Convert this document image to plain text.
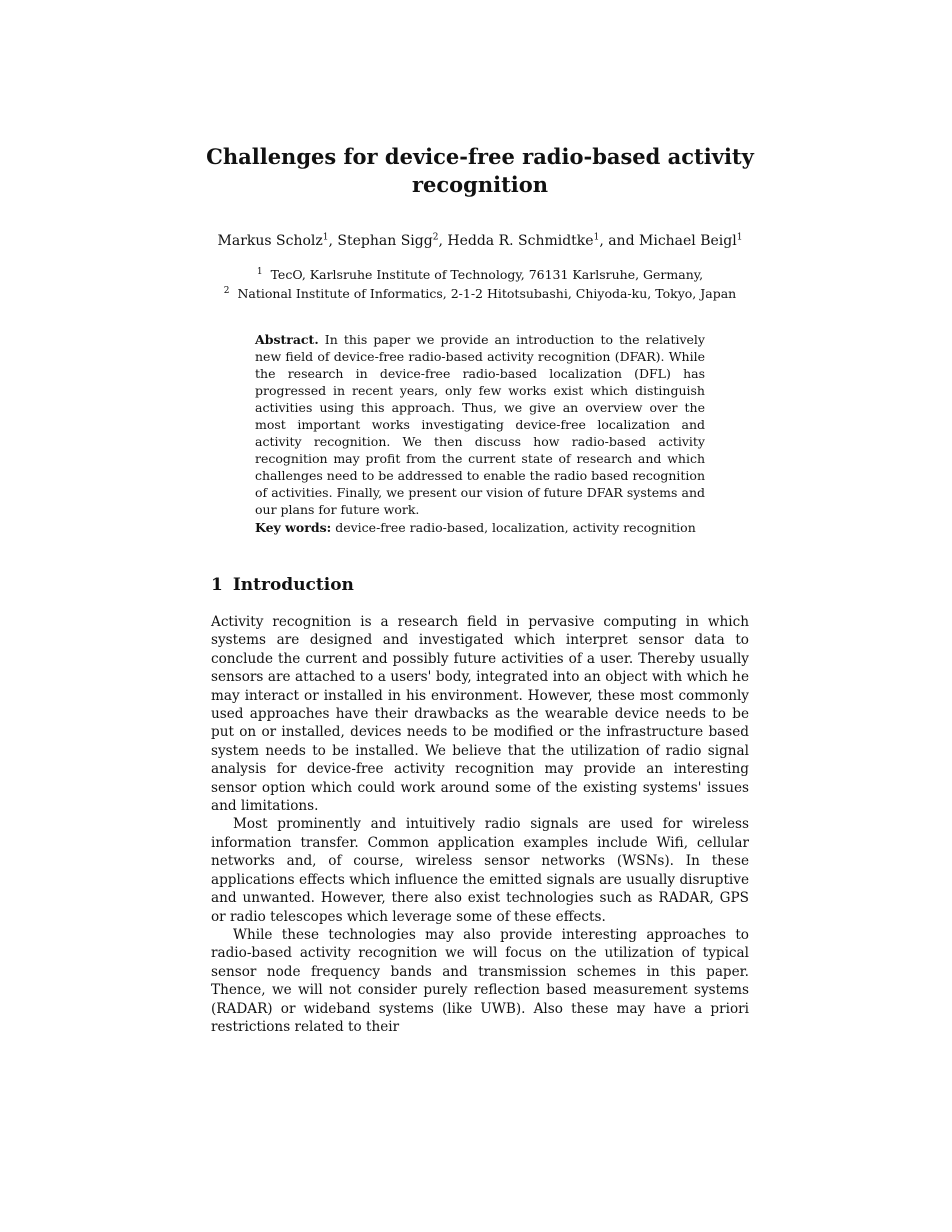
Challenges for device-free radio-based activity recognition

Markus Scholz$^1$, Stephan Sigg$^2$, Hedda R. Schmidtke$^1$, and Michael Beigl$^1$

$^1$ TecO, Karlsruhe Institute of Technology, 76131 Karlsruhe, Germany,
$^2$ National Institute of Informatics, 2-1-2 Hitotsubashi, Chiyoda-ku, Tokyo, Japan

Abstract. In this paper we provide an introduction to the relatively new field of device-free radio-based activity recognition (DFAR). While the research in device-free radio-based localization (DFL) has progressed in recent years, only few works exist which distinguish activities using this approach. Thus, we give an overview over the most important works investigating device-free localization and activity recognition. We then discuss how radio-based activity recognition may profit from the current state of research and which challenges need to be addressed to enable the radio based recognition of activities. Finally, we present our vision of future DFAR systems and our plans for future work.

Key words: device-free radio-based, localization, activity recognition

1 Introduction

Activity recognition is a research field in pervasive computing in which systems are designed and investigated which interpret sensor data to conclude the current and possibly future activities of a user. Thereby usually sensors are attached to a users' body, integrated into an object with which he may interact or installed in his environment. However, these most commonly used approaches have their drawbacks as the wearable device needs to be put on or installed, devices needs to be modified or the infrastructure based system needs to be installed. We believe that the utilization of radio signal analysis for device-free activity recognition may provide an interesting sensor option which could work around some of the existing systems' issues and limitations.

Most prominently and intuitively radio signals are used for wireless information transfer. Common application examples include Wifi, cellular networks and, of course, wireless sensor networks (WSNs). In these applications effects which influence the emitted signals are usually disruptive and unwanted. However, there also exist technologies such as RADAR, GPS or radio telescopes which leverage some of these effects.

While these technologies may also provide interesting approaches to radio-based activity recognition we will focus on the utilization of typical sensor node frequency bands and transmission schemes in this paper. Thence, we will not consider purely reflection based measurement systems (RADAR) or wideband systems (like UWB). Also these may have a priori restrictions related to their
